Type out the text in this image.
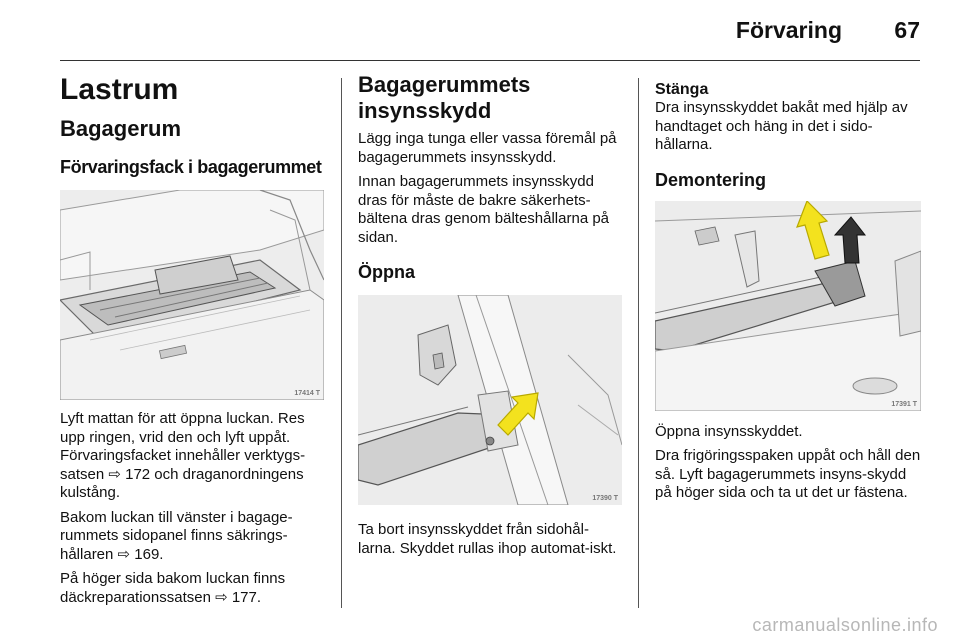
Förvaring 67
Lastrum
Bagagerum
Förvaringsfack i bagagerummet
17414 T

Lyft mattan för att öppna luckan. Res upp ringen, vrid den och lyft uppåt. Förvaringsfacket innehåller verktygs-satsen ⇨ 172 och draganordningens kulstång.

Bakom luckan till vänster i bagage-rummets sidopanel finns säkrings-hållaren ⇨ 169.

På höger sida bakom luckan finns däckreparationssatsen ⇨ 177.

Bagagerummets insynsskydd

Lägg inga tunga eller vassa föremål på bagagerummets insynsskydd.

Innan bagagerummets insynsskydd dras för måste de bakre säkerhets-bältena dras genom bälteshållarna på sidan.

Öppna
17390 T

Ta bort insynsskyddet från sidohål-larna. Skyddet rullas ihop automat-iskt.

Stänga

Dra insynsskyddet bakåt med hjälp av handtaget och häng in det i sido-hållarna.

Demontering
17391 T

Öppna insynsskyddet.

Dra frigöringsspaken uppåt och håll den så. Lyft bagagerummets insyns-skydd på höger sida och ta ut det ur fästena.

carmanualsonline.info
